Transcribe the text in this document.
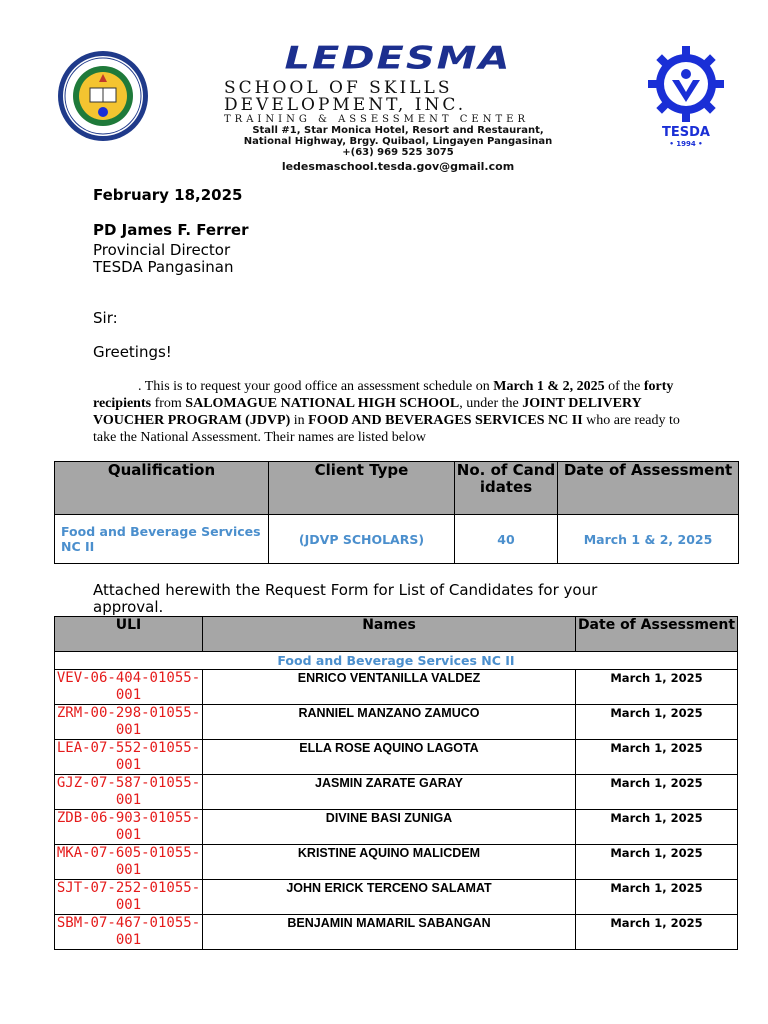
LEDESMA
SCHOOL OF SKILLS DEVELOPMENT, INC.
TRAINING & ASSESSMENT CENTER
Stall #1, Star Monica Hotel, Resort and Restaurant,
National Highway, Brgy. Quibaol, Lingayen Pangasinan
+(63) 969 525 3075
ledesmaschool.tesda.gov@gmail.com
TESDA
• 1994 •
February 18,2025
PD James F. Ferrer
Provincial Director
TESDA Pangasinan
Sir:
Greetings!
. This is to request your good office an assessment schedule on March 1 & 2, 2025 of the forty recipients from SALOMAGUE NATIONAL HIGH SCHOOL, under the JOINT DELIVERY VOUCHER PROGRAM (JDVP) in FOOD AND BEVERAGES SERVICES NC II who are ready to take the National Assessment. Their names are listed below
Qualification	Client Type	No. of Candidates	Date of Assessment
Food and Beverage Services NC II	(JDVP SCHOLARS)	40	March 1 & 2, 2025
Attached herewith the Request Form for List of Candidates for your approval.
ULI	Names	Date of Assessment
Food and Beverage Services NC II		
VEV-06-404-01055-001	ENRICO VENTANILLA VALDEZ	March 1, 2025
ZRM-00-298-01055-001	RANNIEL MANZANO ZAMUCO	March 1, 2025
LEA-07-552-01055-001	ELLA ROSE AQUINO LAGOTA	March 1, 2025
GJZ-07-587-01055-001	JASMIN ZARATE GARAY	March 1, 2025
ZDB-06-903-01055-001	DIVINE BASI ZUNIGA	March 1, 2025
MKA-07-605-01055-001	KRISTINE AQUINO MALICDEM	March 1, 2025
SJT-07-252-01055-001	JOHN ERICK TERCENO SALAMAT	March 1, 2025
SBM-07-467-01055-001	BENJAMIN MAMARIL SABANGAN	March 1, 2025
